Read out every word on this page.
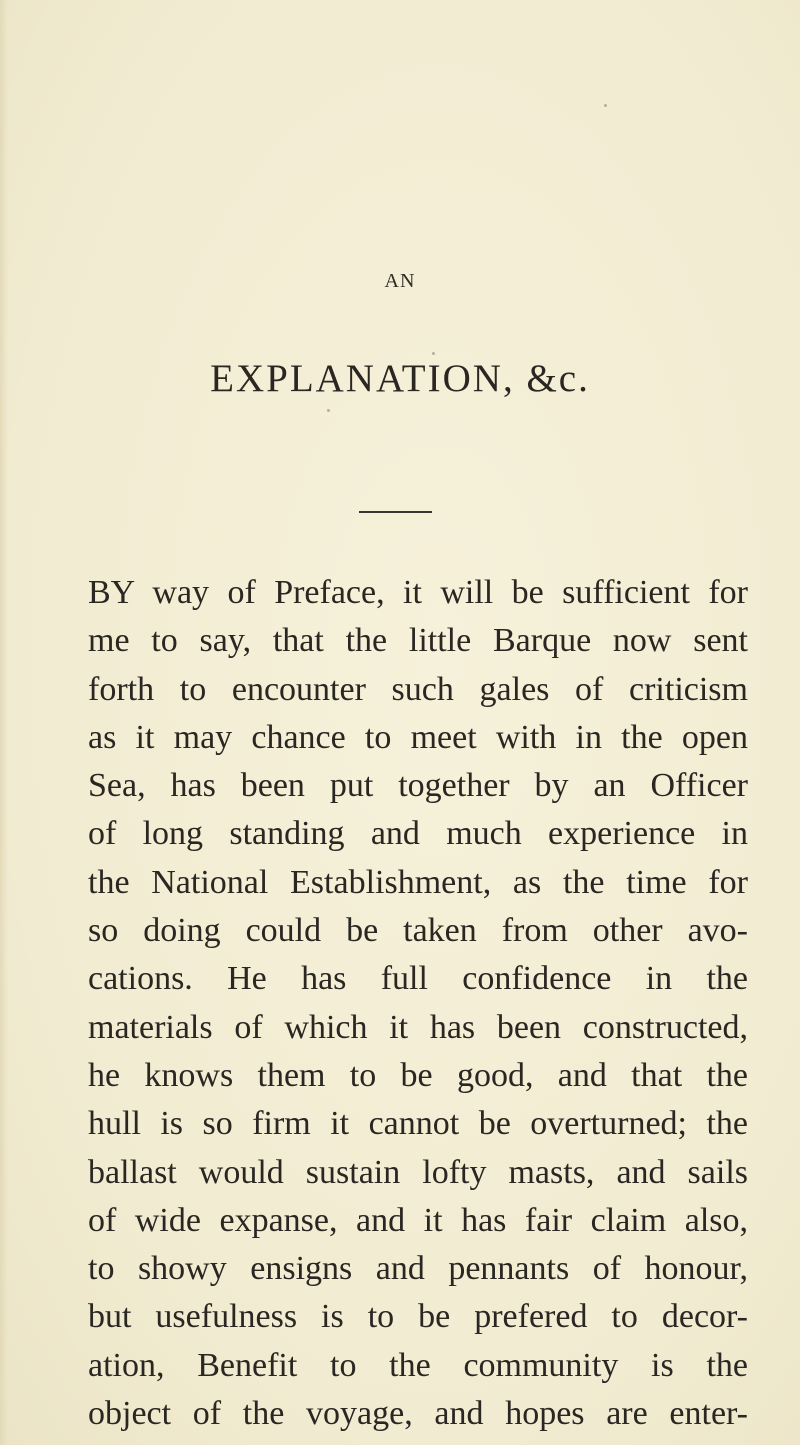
AN
EXPLANATION, &c.
BY way of Preface, it will be sufficient for
me to say, that the little Barque now sent
forth to encounter such gales of criticism
as it may chance to meet with in the open
Sea, has been put together by an Officer
of long standing and much experience in
the National Establishment, as the time for
so doing could be taken from other avo-
cations. He has full confidence in the
materials of which it has been constructed,
he knows them to be good, and that the
hull is so firm it cannot be overturned; the
ballast would sustain lofty masts, and sails
of wide expanse, and it has fair claim also,
to showy ensigns and pennants of honour,
but usefulness is to be prefered to decor-
ation, Benefit to the community is the
object of the voyage, and hopes are enter-
